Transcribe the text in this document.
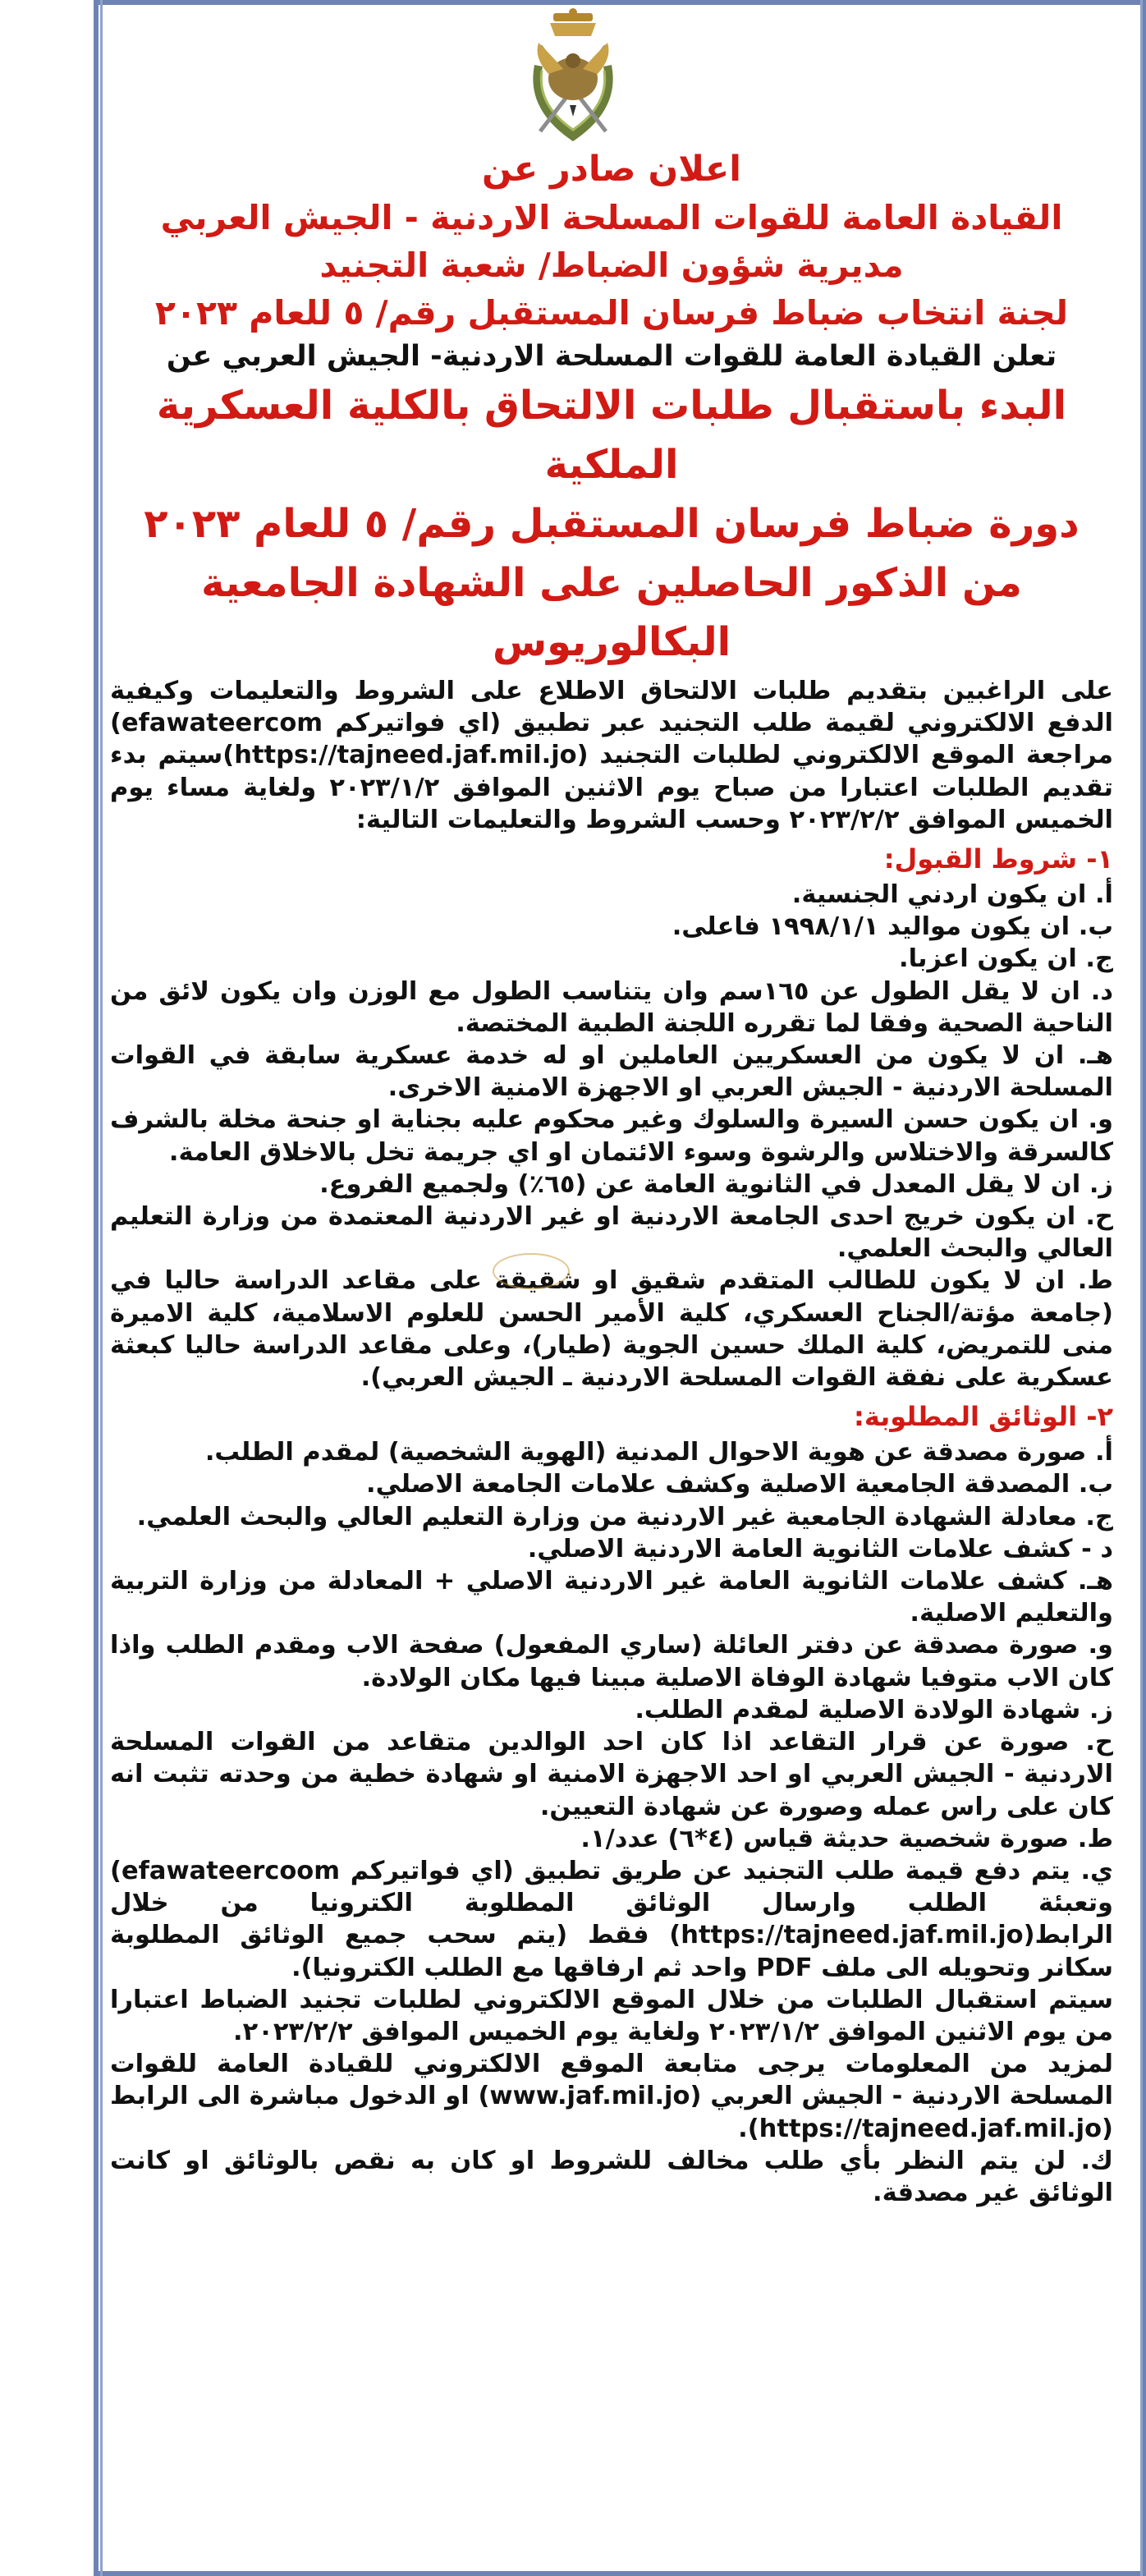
اعلان صادر عن
القيادة العامة للقوات المسلحة الاردنية - الجيش العربي
مديرية شؤون الضباط/ شعبة التجنيد
لجنة انتخاب ضباط فرسان المستقبل رقم/ ٥ للعام ٢٠٢٣
تعلن القيادة العامة للقوات المسلحة الاردنية- الجيش العربي عن
البدء باستقبال طلبات الالتحاق بالكلية العسكرية الملكية
دورة ضباط فرسان المستقبل رقم/ ٥ للعام ٢٠٢٣
من الذكور الحاصلين على الشهادة الجامعية البكالوريوس

على الراغبين بتقديم طلبات الالتحاق الاطلاع على الشروط والتعليمات وكيفية الدفع الالكتروني لقيمة طلب التجنيد عبر تطبيق (اي فواتيركم efawateercom) مراجعة الموقع الالكتروني لطلبات التجنيد (https://tajneed.jaf.mil.jo)سيتم بدء تقديم الطلبات اعتبارا من صباح يوم الاثنين الموافق ٢٠٢٣/١/٢ ولغاية مساء يوم الخميس الموافق ٢٠٢٣/٢/٢ وحسب الشروط والتعليمات التالية:

١- شروط القبول:

أ. ان يكون اردني الجنسية.

ب. ان يكون مواليد ١٩٩٨/١/١ فاعلى.

ج. ان يكون اعزبا.

د. ان لا يقل الطول عن ١٦٥سم وان يتناسب الطول مع الوزن وان يكون لائق من الناحية الصحية وفقا لما تقرره اللجنة الطبية المختصة.

هـ. ان لا يكون من العسكريين العاملين او له خدمة عسكرية سابقة في القوات المسلحة الاردنية - الجيش العربي او الاجهزة الامنية الاخرى.

و. ان يكون حسن السيرة والسلوك وغير محكوم عليه بجناية او جنحة مخلة بالشرف كالسرقة والاختلاس والرشوة وسوء الائتمان او اي جريمة تخل بالاخلاق العامة.

ز. ان لا يقل المعدل في الثانوية العامة عن (٦٥٪) ولجميع الفروع.

ح. ان يكون خريج احدى الجامعة الاردنية او غير الاردنية المعتمدة من وزارة التعليم العالي والبحث العلمي.

ط. ان لا يكون للطالب المتقدم شقيق او شقيقة على مقاعد الدراسة حاليا في (جامعة مؤتة/الجناح العسكري، كلية الأمير الحسن للعلوم الاسلامية، كلية الاميرة منى للتمريض، كلية الملك حسين الجوية (طيار)، وعلى مقاعد الدراسة حاليا كبعثة عسكرية على نفقة القوات المسلحة الاردنية ـ الجيش العربي).

٢- الوثائق المطلوبة:

أ. صورة مصدقة عن هوية الاحوال المدنية (الهوية الشخصية) لمقدم الطلب.

ب. المصدقة الجامعية الاصلية وكشف علامات الجامعة الاصلي.

ج. معادلة الشهادة الجامعية غير الاردنية من وزارة التعليم العالي والبحث العلمي.

د - كشف علامات الثانوية العامة الاردنية الاصلي.

هـ. كشف علامات الثانوية العامة غير الاردنية الاصلي + المعادلة من وزارة التربية والتعليم الاصلية.

و. صورة مصدقة عن دفتر العائلة (ساري المفعول) صفحة الاب ومقدم الطلب واذا كان الاب متوفيا شهادة الوفاة الاصلية مبينا فيها مكان الولادة.

ز. شهادة الولادة الاصلية لمقدم الطلب.

ح. صورة عن قرار التقاعد اذا كان احد الوالدين متقاعد من القوات المسلحة الاردنية - الجيش العربي او احد الاجهزة الامنية او شهادة خطية من وحدته تثبت انه كان على راس عمله وصورة عن شهادة التعيين.

ط. صورة شخصية حديثة قياس (٤*٦) عدد/١.

ي. يتم دفع قيمة طلب التجنيد عن طريق تطبيق (اي فواتيركم efawateercoom) وتعبئة الطلب وارسال الوثائق المطلوبة الكترونيا من خلال الرابط(https://tajneed.jaf.mil.jo) فقط (يتم سحب جميع الوثائق المطلوبة سكانر وتحويله الى ملف PDF واحد ثم ارفاقها مع الطلب الكترونيا).

سيتم استقبال الطلبات من خلال الموقع الالكتروني لطلبات تجنيد الضباط اعتبارا من يوم الاثنين الموافق ٢٠٢٣/١/٢ ولغاية يوم الخميس الموافق ٢٠٢٣/٢/٢.

لمزيد من المعلومات يرجى متابعة الموقع الالكتروني للقيادة العامة للقوات المسلحة الاردنية - الجيش العربي (www.jaf.mil.jo) او الدخول مباشرة الى الرابط (https://tajneed.jaf.mil.jo).

ك. لن يتم النظر بأي طلب مخالف للشروط او كان به نقص بالوثائق او كانت الوثائق غير مصدقة.
